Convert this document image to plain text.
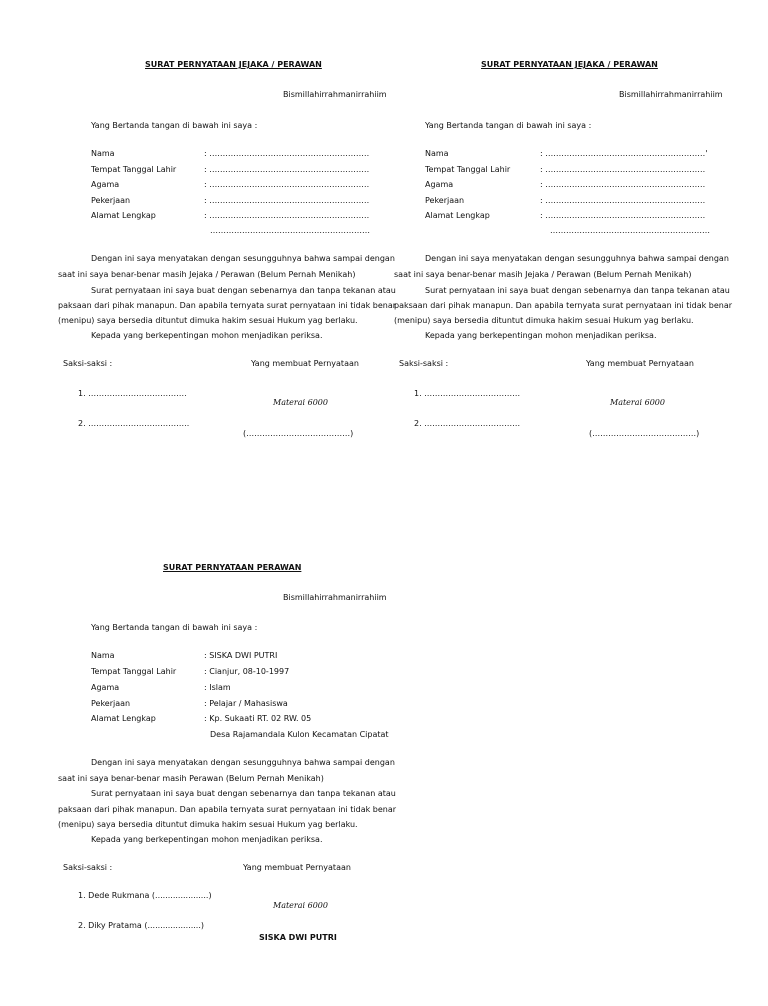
SURAT PERNYATAAN JEJAKA / PERAWAN
Bismillahirrahmanirrahiim
Yang Bertanda tangan di bawah ini saya :
Nama	: ……………………………………………………
Tempat Tanggal Lahir	: ……………………………………………………
Agama	: ……………………………………………………
Pekerjaan	: ……………………………………………………
Alamat Lengkap	: ……………………………………………………
……………………………………………………
Dengan ini saya menyatakan dengan sesungguhnya bahwa sampai dengan
saat ini saya benar-benar masih Jejaka / Perawan (Belum Pernah Menikah)
Surat pernyataan ini saya buat dengan sebenarnya dan tanpa tekanan atau
paksaan dari pihak manapun. Dan apabila ternyata surat pernyataan ini tidak benar
(menipu) saya bersedia dituntut dimuka hakim sesuai Hukum yag berlaku.
Kepada yang berkepentingan mohon menjadikan periksa.
Saksi-saksi :	Yang membuat Pernyataan
1. ……………………………….
Materai 6000
2. ………………………………..
(…………………………………)
SURAT PERNYATAAN JEJAKA / PERAWAN
Bismillahirrahmanirrahiim
Yang Bertanda tangan di bawah ini saya :
Nama	: ……………………………………………………'
Tempat Tanggal Lahir	: ……………………………………………………
Agama	: ……………………………………………………
Pekerjaan	: ……………………………………………………
Alamat Lengkap	: ……………………………………………………
……………………………………………………
Dengan ini saya menyatakan dengan sesungguhnya bahwa sampai dengan
saat ini saya benar-benar masih Jejaka / Perawan (Belum Pernah Menikah)
Surat pernyataan ini saya buat dengan sebenarnya dan tanpa tekanan atau
paksaan dari pihak manapun. Dan apabila ternyata surat pernyataan ini tidak benar
(menipu) saya bersedia dituntut dimuka hakim sesuai Hukum yag berlaku.
Kepada yang berkepentingan mohon menjadikan periksa.
Saksi-saksi :	Yang membuat Pernyataan
1. ………………………………
Materai 6000
2. ………………………………
(…………………………………)
SURAT PERNYATAAN PERAWAN
Bismillahirrahmanirrahiim
Yang Bertanda tangan di bawah ini saya :
Nama	: SISKA DWI PUTRI
Tempat Tanggal Lahir	: Cianjur, 08-10-1997
Agama	: Islam
Pekerjaan	: Pelajar / Mahasiswa
Alamat Lengkap	: Kp. Sukaati RT. 02 RW. 05
Desa Rajamandala Kulon Kecamatan Cipatat
Dengan ini saya menyatakan dengan sesungguhnya bahwa sampai dengan
saat ini saya benar-benar masih Perawan (Belum Pernah Menikah)
Surat pernyataan ini saya buat dengan sebenarnya dan tanpa tekanan atau
paksaan dari pihak manapun. Dan apabila ternyata surat pernyataan ini tidak benar
(menipu) saya bersedia dituntut dimuka hakim sesuai Hukum yag berlaku.
Kepada yang berkepentingan mohon menjadikan periksa.
Saksi-saksi :	Yang membuat Pernyataan
1. Dede Rukmana (.....................)
Materai 6000
2. Diky Pratama (.....................)
SISKA DWI PUTRI
